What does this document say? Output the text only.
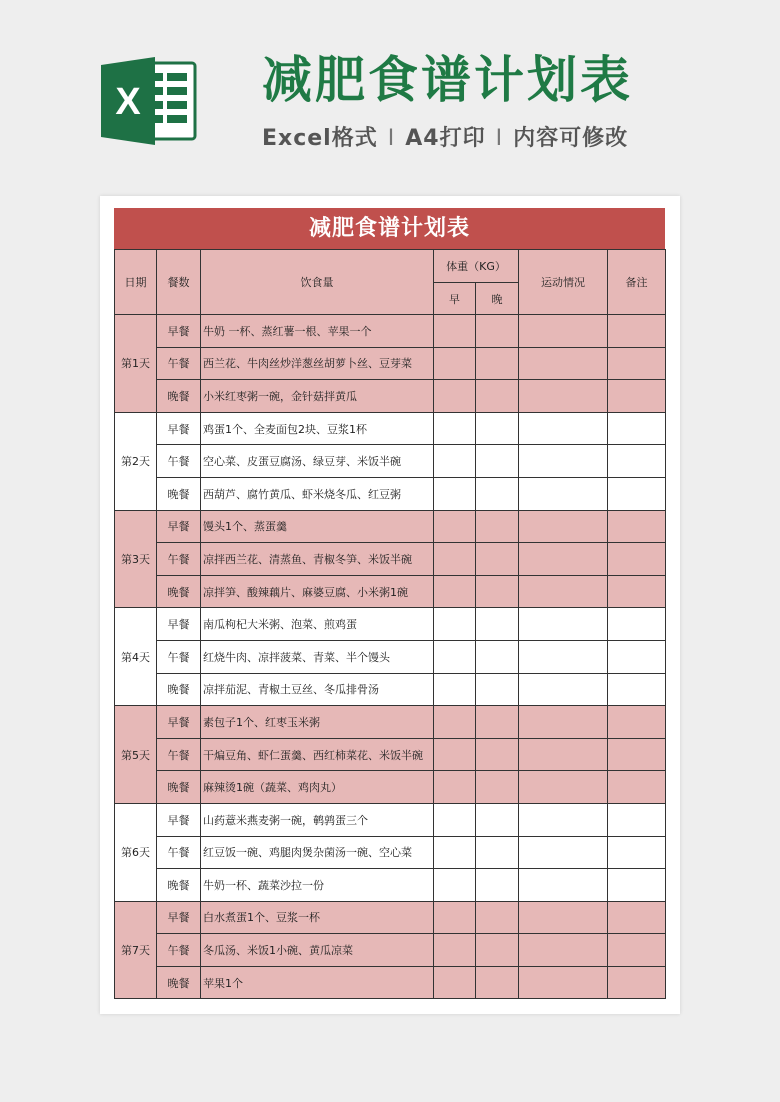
X 减肥食谱计划表
Excel格式 I A4打印 I 内容可修改
减肥食谱计划表
日期	餐数	饮食量	体重（KG）		运动情况	备注
			早	晚		
第1天	早餐	牛奶 一杯、蒸红薯一根、苹果一个				
	午餐	西兰花、牛肉丝炒洋葱丝胡萝卜丝、豆芽菜				
	晚餐	小米红枣粥一碗，金针菇拌黄瓜				
第2天	早餐	鸡蛋1个、全麦面包2块、豆浆1杯				
	午餐	空心菜、皮蛋豆腐汤、绿豆芽、米饭半碗				
	晚餐	西葫芦、腐竹黄瓜、虾米烧冬瓜、红豆粥				
第3天	早餐	馒头1个、蒸蛋羹				
	午餐	凉拌西兰花、清蒸鱼、青椒冬笋、米饭半碗				
	晚餐	凉拌笋、酸辣藕片、麻婆豆腐、小米粥1碗				
第4天	早餐	南瓜枸杞大米粥、泡菜、煎鸡蛋				
	午餐	红烧牛肉、凉拌菠菜、青菜、半个馒头				
	晚餐	凉拌茄泥、青椒土豆丝、冬瓜排骨汤				
第5天	早餐	素包子1个、红枣玉米粥				
	午餐	干煸豆角、虾仁蛋羹、西红柿菜花、米饭半碗				
	晚餐	麻辣烫1碗（蔬菜、鸡肉丸）				
第6天	早餐	山药薏米燕麦粥一碗，鹌鹑蛋三个				
	午餐	红豆饭一碗、鸡腿肉煲杂菌汤一碗、空心菜				
	晚餐	牛奶一杯、蔬菜沙拉一份				
第7天	早餐	白水煮蛋1个、豆浆一杯				
	午餐	冬瓜汤、米饭1小碗、黄瓜凉菜				
	晚餐	苹果1个				
